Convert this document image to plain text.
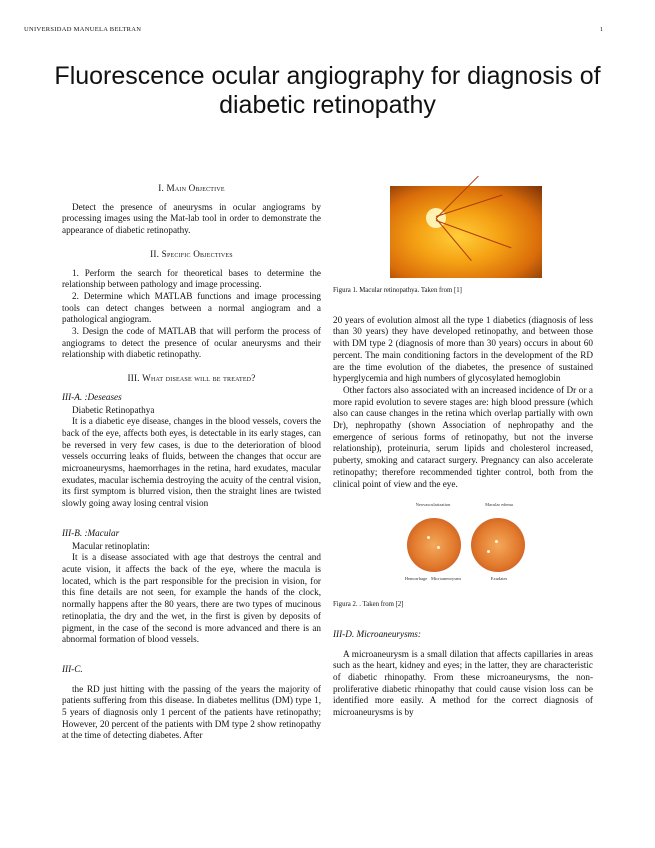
UNIVERSIDAD MANUELA BELTRAN	1
Fluorescence ocular angiography for diagnosis of diabetic retinopathy
I. Main Objective

Detect the presence of aneurysms in ocular angiograms by processing images using the Mat-lab tool in order to demonstrate the appearance of diabetic retinopathy.

II. Specific Objectives

1. Perform the search for theoretical bases to determine the relationship between pathology and image processing.

2. Determine which MATLAB functions and image processing tools can detect changes between a normal angiogram and a pathological angiogram.

3. Design the code of MATLAB that will perform the process of angiograms to detect the presence of ocular aneurysms and their relationship with diabetic retinopathy.

III. What disease will be treated?
III-A. :Deseases

Diabetic Retinopathya

It is a diabetic eye disease, changes in the blood vessels, covers the back of the eye, affects both eyes, is detectable in its early stages, can be reversed in very few cases, is due to the deterioration of blood vessels occurring leaks of fluids, between the changes that occur are microaneurysms, haemorrhages in the retina, hard exudates, macular exudates, macular ischemia destroying the acuity of the central vision, its first symptom is blurred vision, then the straight lines are twisted slowly going away losing central vision

III-B. :Macular

Macular retinoplatin:

It is a disease associated with age that destroys the central and acute vision, it affects the back of the eye, where the macula is located, which is the part responsible for the precision in vision, for this fine details are not seen, for example the hands of the clock, normally happens after the 80 years, there are two types of mucinous retinoplatia, the dry and the wet, in the first is given by deposits of pigment, in the case of the second is more advanced and there is an abnormal formation of blood vessels.

III-C.

the RD just hitting with the passing of the years the majority of patients suffering from this disease. In diabetes mellitus (DM) type 1, 5 years of diagnosis only 1 percent of the patients have retinopathy; However, 20 percent of the patients with DM type 2 show retinopathy at the time of detecting diabetes. After

Figura 1. Macular retinopathya. Taken from [1]

20 years of evolution almost all the type 1 diabetics (diagnosis of less than 30 years) they have developed retinopathy, and between those with DM type 2 (diagnosis of more than 30 years) occurs in about 60 percent. The main conditioning factors in the development of the RD are the time evolution of the diabetes, the presence of sustained hyperglycemia and high numbers of glycosylated hemoglobin

Other factors also associated with an increased incidence of Dr or a more rapid evolution to severe stages are: high blood pressure (which also can cause changes in the retina which overlap partially with own Dr), nephropathy (shown Association of nephropathy and the emergence of serious forms of retinopathy, but not the inverse relationship), proteinuria, serum lipids and cholesterol increased, puberty, smoking and cataract surgery. Pregnancy can also accelerate retinopathy; therefore recommended tighter control, both from the clinical point of view and the eye.

Neovascularization	Macular edema
Hemorrhage Microaneurysms	Exudates

Figura 2. . Taken from [2]

III-D. Microaneurysms:

A microaneurysm is a small dilation that affects capillaries in areas such as the heart, kidney and eyes; in the latter, they are characteristic of diabetic rhinopathy. From these microaneurysms, the non-proliferative diabetic rhinopathy that could cause vision loss can be identified more easily. A method for the correct diagnosis of microaneurysms is by
